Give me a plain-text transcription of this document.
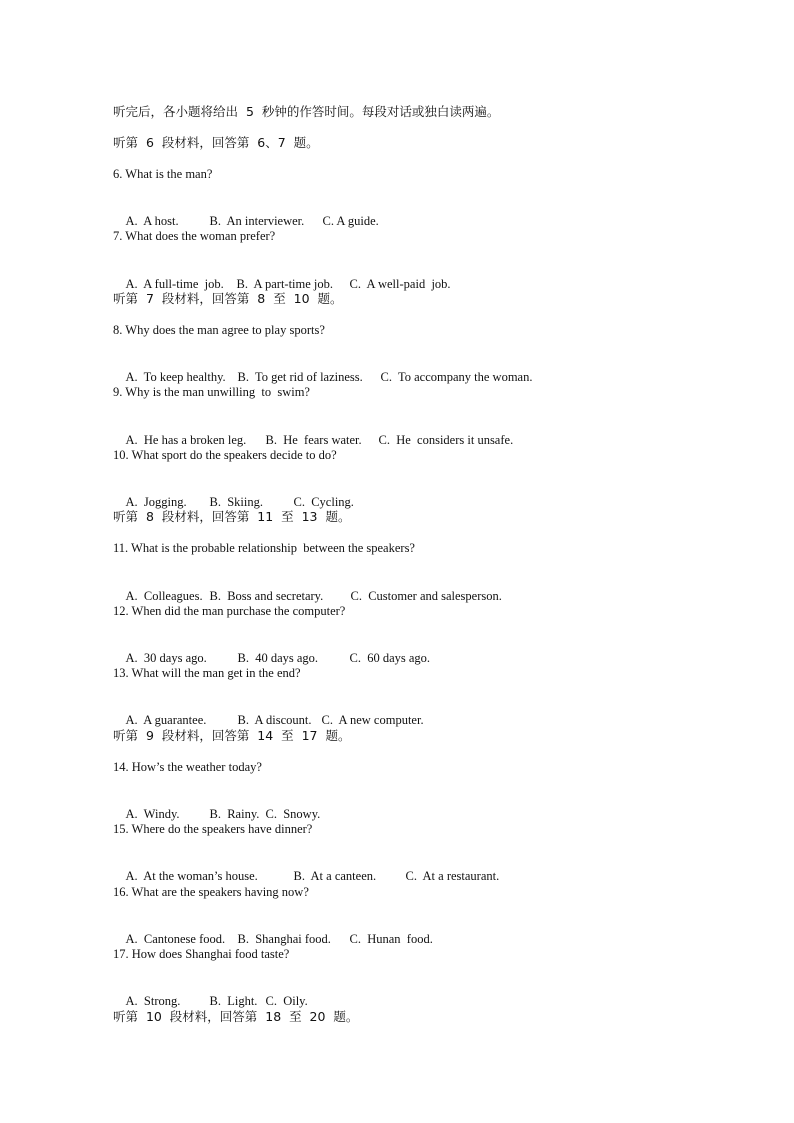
听完后，各小题将给出  5  秒钟的作答时间。每段对话或独白读两遍。
听第  6  段材料，回答第  6、7  题。
6. What is the man?

A.  A host. B.  An interviewer. C. A guide.

7. What does the woman prefer?

A.  A full-time  job. B.  A part-time job. C.  A well-paid  job.

听第  7  段材料，回答第  8  至  10  题。
8. Why does the man agree to play sports?

A.  To keep healthy. B.  To get rid of laziness. C.  To accompany the woman.

9. Why is the man unwilling  to  swim?

A.  He has a broken leg. B.  He  fears water. C.  He  considers it unsafe.

10. What sport do the speakers decide to do?

A.  Jogging. B.  Skiing. C.  Cycling.

听第  8  段材料，回答第  11  至  13  题。
11. What is the probable relationship  between the speakers?

A.  Colleagues. B.  Boss and secretary. C.  Customer and salesperson.

12. When did the man purchase the computer?

A.  30 days ago. B.  40 days ago.	C.  60 days ago.

13. What will the man get in the end?

A.  A guarantee. B.  A discount. C.  A new computer.

听第  9  段材料，回答第  14  至  17  题。
14. How’s the weather today?

A.  Windy. B.  Rainy. C.  Snowy.

15. Where do the speakers have dinner?

A.  At the woman’s house.	B.  At a canteen. C.  At a restaurant.

16. What are the speakers having now?

A.  Cantonese food. B.  Shanghai food. C.  Hunan  food.

17. How does Shanghai food taste?

A.  Strong. B.  Light. C.  Oily.

听第  10  段材料，回答第  18  至  20  题。
